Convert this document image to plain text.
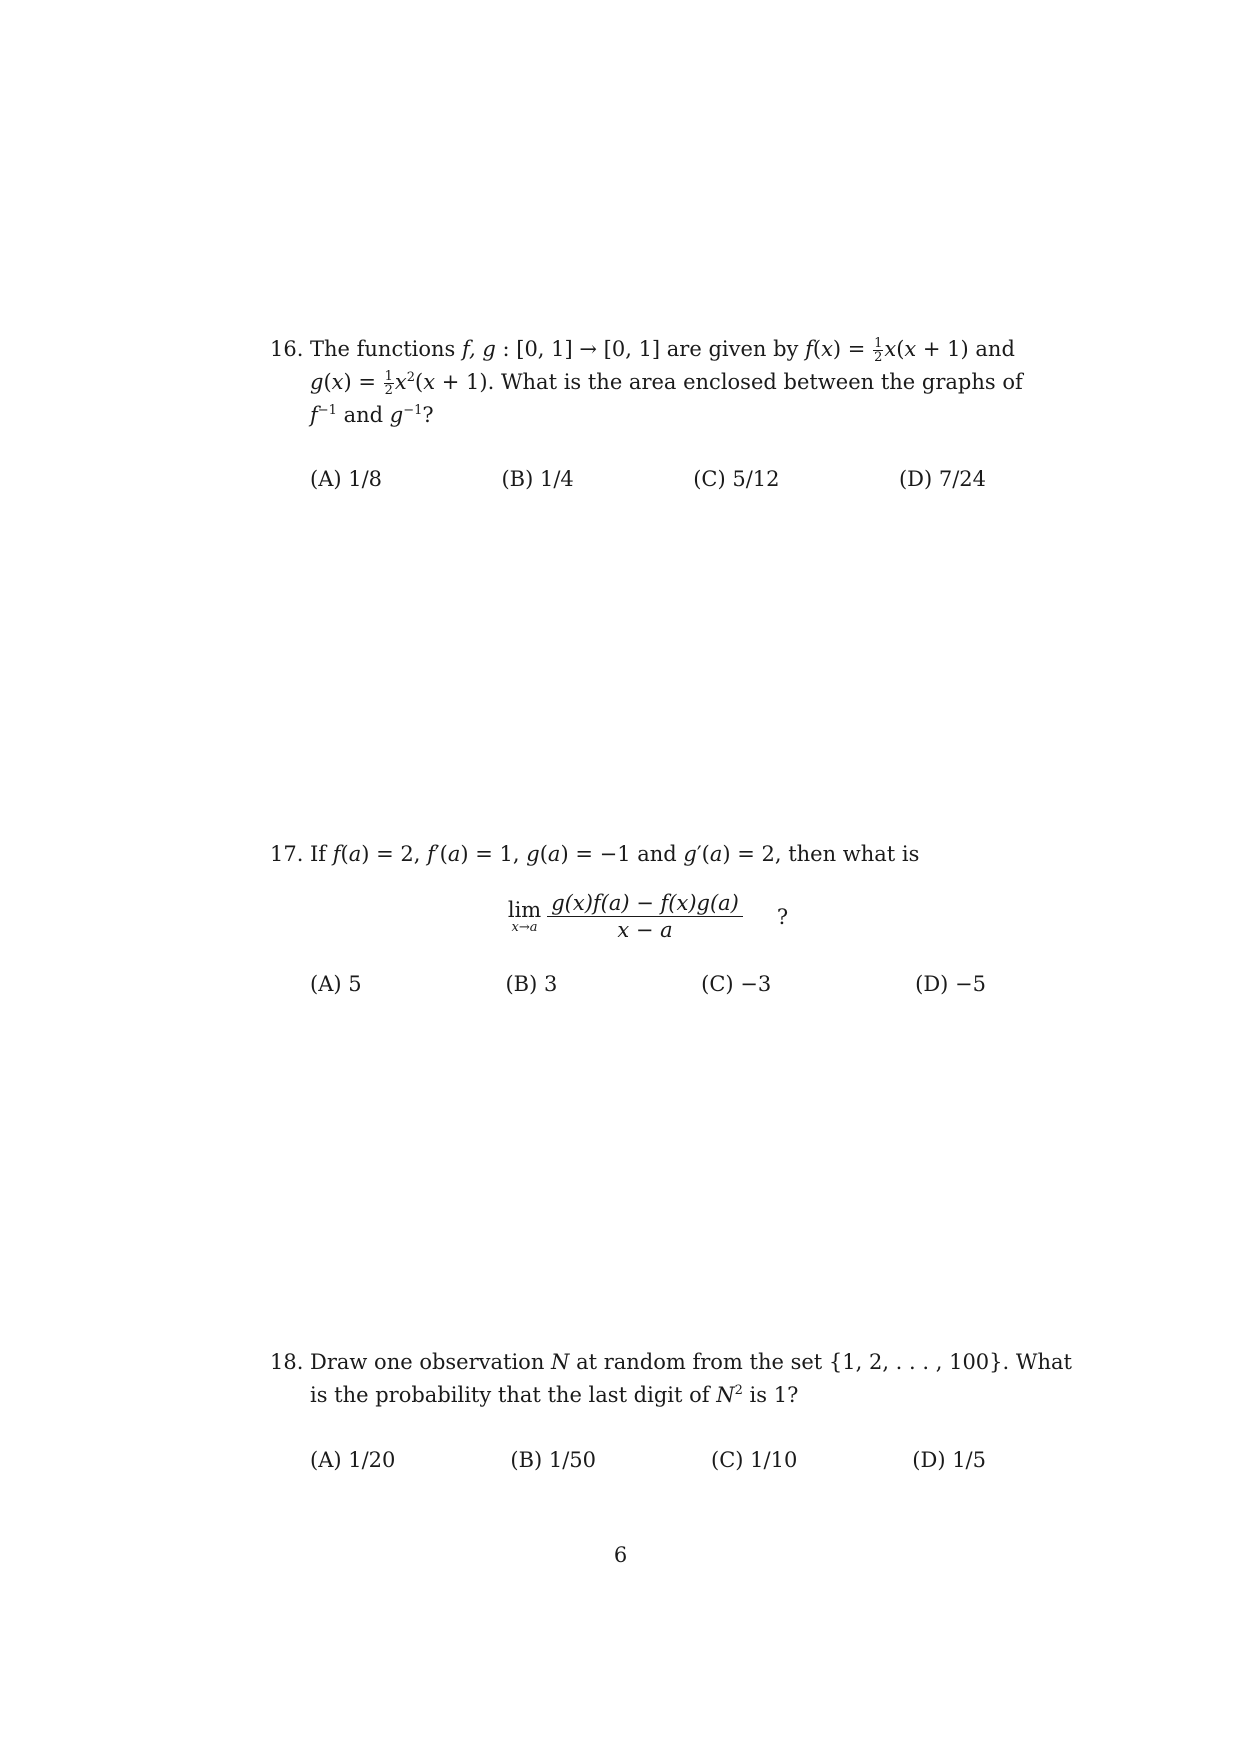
16. The functions f, g : [0, 1] → [0, 1] are given by $f(x) = \frac{1}{2} x(x + 1)$ and
$g(x) = \frac{1}{2} x^2(x + 1)$. What is the area enclosed between the graphs of
$f^{-1}$ and $g^{-1}$?
(A) 1/8	(B) 1/4	(C) 5/12	(D) 7/24
17. If f(a) = 2, f′(a) = 1, g(a) = −1 and g′(a) = 2, then what is
lim
$x\to a \frac{g(x)f(a) - f(x)g(a)}{x - a}$ ?
(A) 5	(B) 3	(C) −3	(D) −5
18. Draw one observation N at random from the set {1, 2, . . . , 100}. What
is the probability that the last digit of $N^2$ is 1?
(A) 1/20	(B) 1/50	(C) 1/10	(D) 1/5
6
